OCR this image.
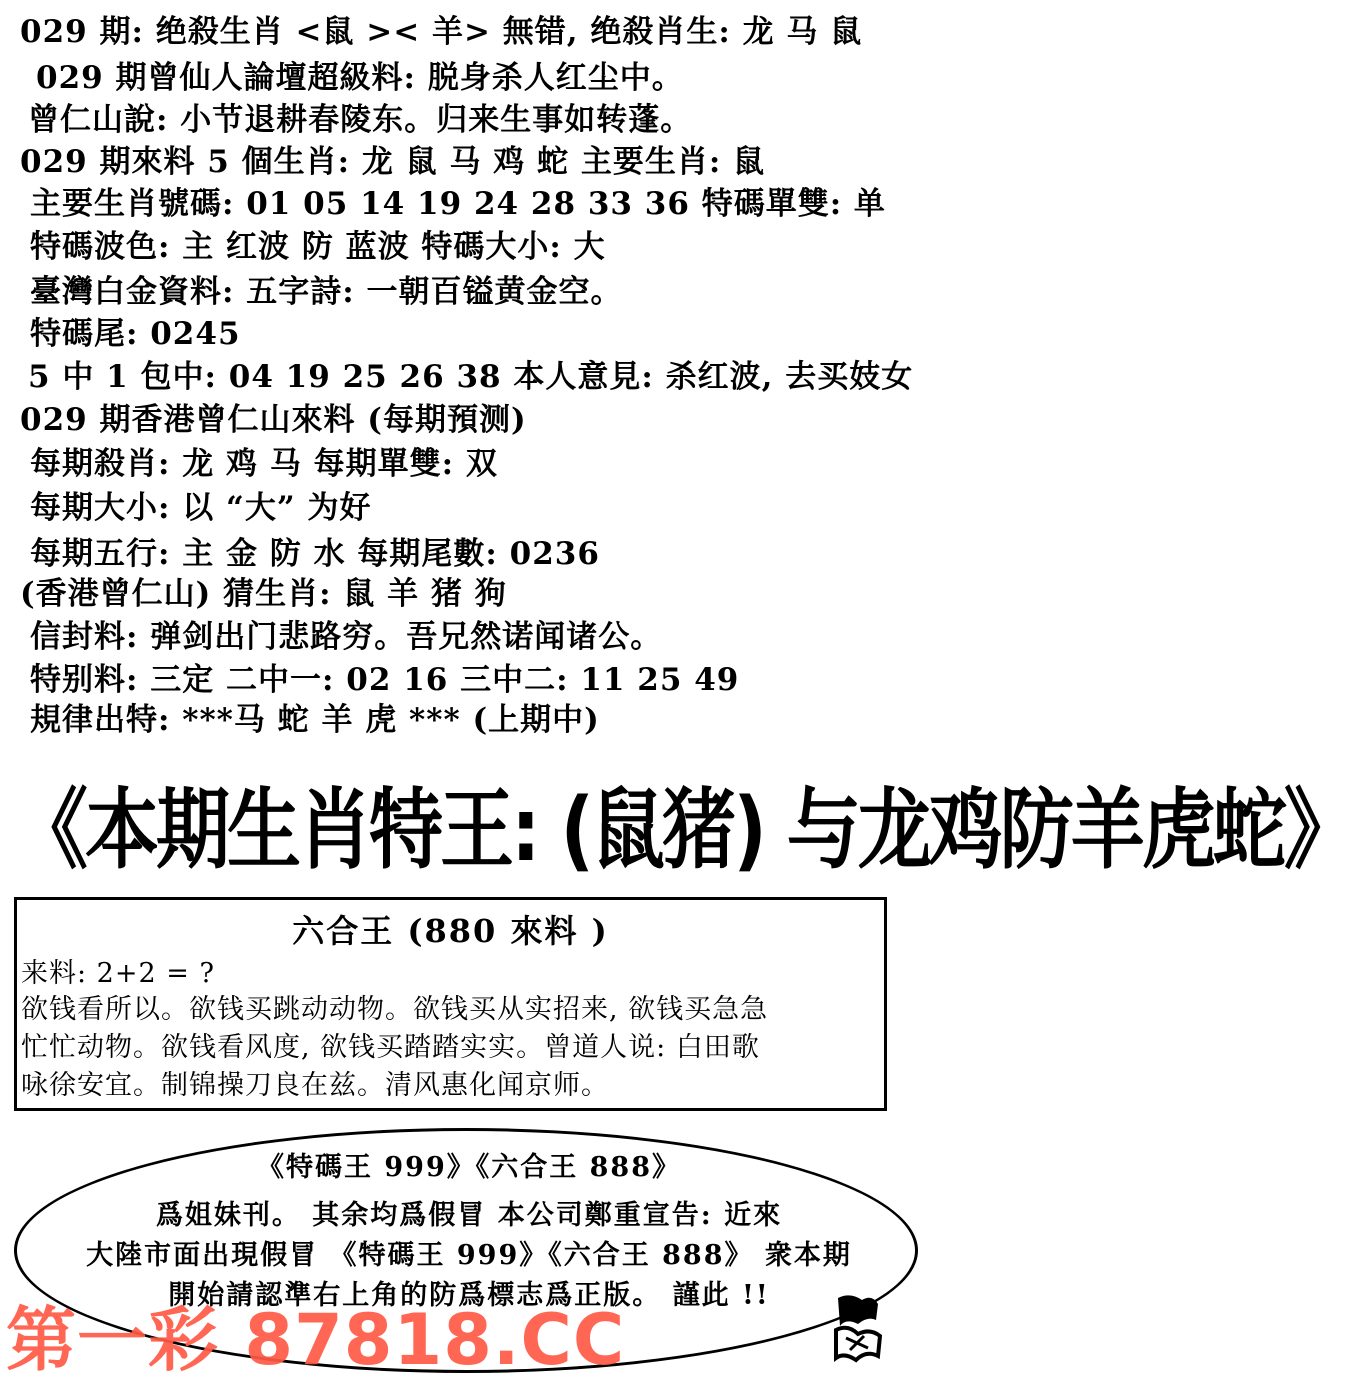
029 期: 绝殺生肖 <鼠 >< 羊> 無错, 绝殺肖生: 龙 马 鼠
029 期曾仙人論壇超級料: 脱身杀人红尘中。
曾仁山說: 小节退耕春陵东。归来生事如转蓬。
029 期來料 5 個生肖: 龙 鼠 马 鸡 蛇 主要生肖: 鼠
主要生肖號碼: 01 05 14 19 24 28 33 36 特碼單雙: 单
特碼波色: 主 红波 防 蓝波 特碼大小: 大
臺灣白金資料: 五字詩: 一朝百镒黄金空。
特碼尾: 0245
5 中 1 包中: 04 19 25 26 38 本人意見: 杀红波, 去买妓女
029 期香港曾仁山來料 (每期預测)
每期殺肖: 龙 鸡 马 每期單雙: 双
每期大小: 以 “大” 为好
每期五行: 主 金 防 水 每期尾數: 0236
(香港曾仁山) 猜生肖: 鼠 羊 猪 狗
信封料: 弹剑出门悲路穷。吾兄然诺闻诸公。
特别料: 三定 二中一: 02 16 三中二: 11 25 49
規律出特: ***马 蛇 羊 虎 *** (上期中)
《本期生肖特王: (鼠猪) 与龙鸡防羊虎蛇》
六合王 (880 來料 )
来料: 2+2 = ?
欲钱看所以。欲钱买跳动动物。欲钱买从实招来, 欲钱买急急
忙忙动物。欲钱看风度, 欲钱买踏踏实实。曾道人说: 白田歌
咏徐安宜。制锦操刀良在兹。清风惠化闻京师。
《特碼王 999》《六合王 888》
爲姐妹刊。 其余均爲假冒 本公司鄭重宣告: 近來
大陸市面出現假冒 《特碼王 999》《六合王 888》 衆本期
開始請認準右上角的防爲標志爲正版。 謹此 !!
第一彩 87818.CC
